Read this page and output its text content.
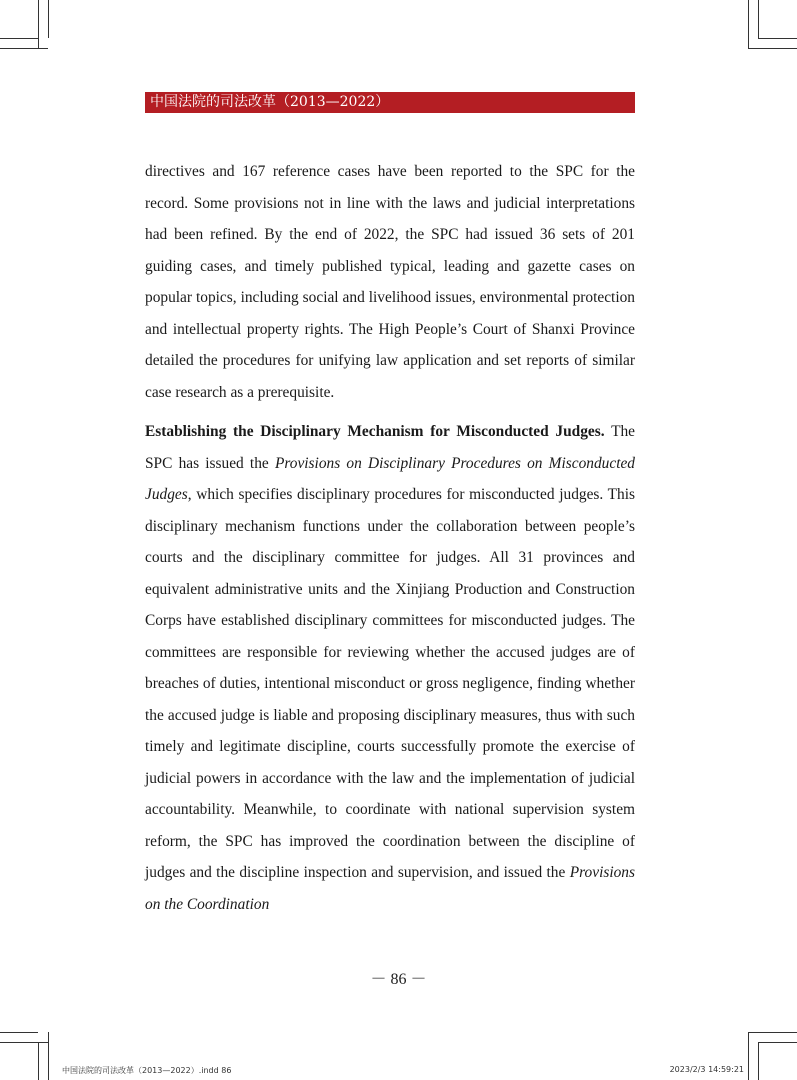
中国法院的司法改革（2013—2022）

directives and 167 reference cases have been reported to the SPC for the record. Some provisions not in line with the laws and judicial interpretations had been refined. By the end of 2022, the SPC had issued 36 sets of 201 guiding cases, and timely published typical, leading and gazette cases on popular topics, including social and livelihood issues, environmental protection and intellectual property rights. The High People’s Court of Shanxi Province detailed the procedures for unifying law application and set reports of similar case research as a prerequisite.

Establishing the Disciplinary Mechanism for Misconducted Judges. The SPC has issued the Provisions on Disciplinary Procedures on Misconducted Judges, which specifies disciplinary procedures for misconducted judges. This disciplinary mechanism functions under the collaboration between people’s courts and the disciplinary committee for judges. All 31 provinces and equivalent administrative units and the Xinjiang Production and Construction Corps have established disciplinary committees for misconducted judges. The committees are responsible for reviewing whether the accused judges are of breaches of duties, intentional misconduct or gross negligence, finding whether the accused judge is liable and proposing disciplinary measures, thus with such timely and legitimate discipline, courts successfully promote the exercise of judicial powers in accordance with the law and the implementation of judicial accountability. Meanwhile, to coordinate with national supervision system reform, the SPC has improved the coordination between the discipline of judges and the discipline inspection and supervision, and issued the Provisions on the Coordination

－ 86 －
中国法院的司法改革（2013—2022）.indd 86	2023/2/3 14:59:21
